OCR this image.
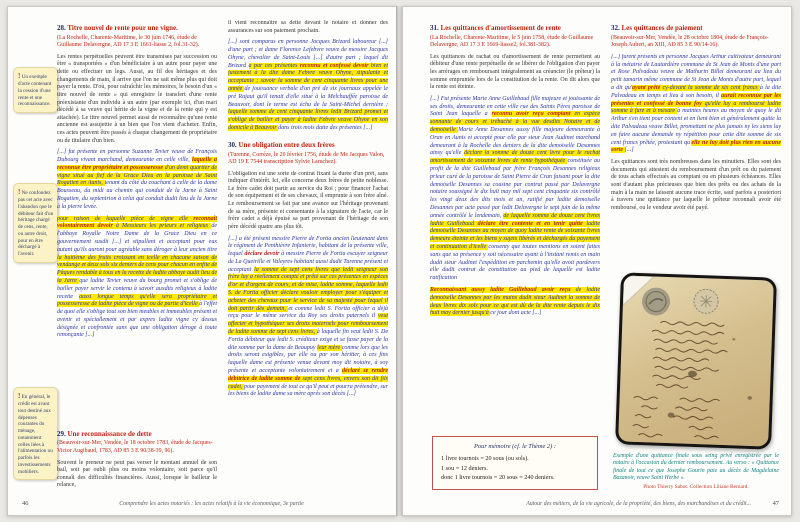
! Un exemple d'acte contenant la cession d'une rente et une reconnaissance.
! Ne confondez pas cet acte avec l'abandon que le débiteur fait d'un héritage chargé de cens, rente, ou autre droit, pour en être déchargé à l'avenir.
! En général, le crédit est avant tout destiné aux dépenses courantes du ménage, notamment celles liées à l'alimentation ou parfois les investissements mobiliers.
28. Titre nouvel de rente pour une vigne.

(La Rochelle, Charente-Maritime, le 30 juin 1746, étude de Guillaume Delavergne, AD 17 3 E 1661-liasse 2, fol.31-32).

Les rentes perpétuelles peuvent être transmises par succession ou être « transportées » d'un bénéficiaire à un autre pour payer une dette ou effectuer un legs. Aussi, au fil des héritages et des changements de main, il arrive que l'on ne sait même plus qui doit payer la rente. D'où, pour rafraîchir les mémoires, le besoin d'un « titre nouvel de rente » qui enregistre le transfert d'une rente préexistante d'un individu à un autre (par exemple ici, d'un mari décédé à sa veuve qui hérite de la vigne et de la rente qui y est attachée). Le titre nouvel permet aussi de reconnaître qu'une rente ancienne est assujettie à un bien que l'on vient d'acheter. Enfin, ces actes peuvent être passés à chaque changement de propriétaire ou de titulaire d'un bien.

[...] fut présente en personne Suzanne Tevier veuve de François Dubourg vivant marchand, demeurante en celle ville, laquelle a reconnue être propriétaire et possesseresse d'un demi quartier de vigne situé au fief de la Grace Dieu en la paroisse de Saint Rogatien en Aunis, tenant du côté du couchant à celle de la dame Bousseau, du midi au chemin qui conduit de la Jarne à Saint Rogatien, du septentrion à celui qui conduit dudit lieu de la Jarne à la pierre levée.

pour raison de laquelle pièce de vigne elle reconnaît volontairement devoir à Messieurs les prieurs et religieux de l'abbaye Royalle Notre Dame de la Grace Dieu en ce gouvernement susdit [...] et stipullant et acceptant pour eux autant qu'ils auront pour agréable sans déroger à leur ancien titre la huitième des fruits croissant en icelle en chacune saison de vendange et deux sols six deniers de cens pour chacun en enfite de Pâques rendable à tous en la recette de ladite abbaye audit lieu de la Jarre que ladite Tevier veuve du bourg promet et s'oblige de bailler payer servir le contenu à savoir auxdits religieux à ladite recette aussi longue temps qu'elle sera propriétaire et possesseresse de ladite pièce de vigne ou de partie d'icelle à l'effet de quoi elle s'oblige tout son bien meubles et immeubles présent et avenir et spéciallement et par expres ladite vigne cy dessus désignée et confrontée sans que une obligation déroge à toute renonçante [...]

29. Une reconnaissance de dette

(Beauvoir-sur-Mer, Vendée, le 18 octobre 1783, étude de Jacques-Victor Augibaud, 1783, AD 85 3 E 90/38-39, 96).

Souvent le preneur ne peut pas verser le montant annuel de son bail, soit par oubli plus ou moins volontaire, soit parce qu'il connaît des difficultés financières. Aussi, lorsque le bailleur le relance,

il vient reconnaître sa dette devant le notaire et donner des assurances sur son paiement prochain.

[...] sont comparus en personne Jacques Brizard laboureur [...] d'une part ; et dame Florence Lefebvre veuve de messire Jacques Ohyne, chevalier de Saint-Louis [...] d'autre part ; lequel dit Brizard a par ces présentes reconnu et confessé devoir bien et justement à la dite dame Febvre veuve Ohyne, stipulante et acceptante ; savoir la somme de cent cinquante livres pour une année de jouissance verbale d'un pré de six journaux appelée le pré Rajaut qu'il tenait d'elle situé à la Melchauffée paroisse de Beauvoir, dont le terme est échu de la Saint-Michel dernière ; laquelle somme de cent cinquante livres ledit Brizard promet et s'oblige de bailler et payer à ladite Febvre veuve Ohyne en son domicile à Beauvoir dans trois mois datte des présentes [...]

30. Une obligation entre deux frères

(Turenne, Corrèze, le 20 février 1756, étude de Me Jacques Valon, AD 19 E 7544 transcription Sylvie Laruchez).

L'obligation est une sorte de contrat fixant la durée d'un prêt, sans indiquer d'intérêt. Ici, elle concerne deux frères de petite noblesse. Le frère cadet doit partir au service du Roi ; pour financer l'achat de son équipement et de ses chevaux, il emprunte à son frère aîné. Le remboursement se fait par une avance sur l'héritage provenant de sa mère, présente et consentante à la signature de l'acte, car le frère cadet a déjà épuisé sa part provenant de l'héritage de son père décédé quatre ans plus tôt.

[...] a été présent messire Pierre de Fortia ancien lieutenant dans le régiment de Penthièvre Infanterie, habitant de la présente ville, lequel déclare devoir à messire Pierre de Fortia escuyer seigneur de La Queirille et Valeyres habitant aussi dudit Turenne présent et acceptant la somme de sept cens livres que ledit seigneur son frère luy a réellement compté et prêté sur ces présentes en espèces d'or et d'argent de cours, et de mise, ladite somme, laquelle ledit S. de Fortia officier déclare vouloir employer pour s'équiper et acheter des chevaux pour le service de sa majesté pour lequel il doit partir dès demain, et comme ledit S. Fortia officier a déjà reçu pour le même service du Roy ses droits paternels il veut affecter et hypothéquer ses droits maternels pour remboursement de ladite somme de sept cens livres, à laquelle fin veut ledit S. De Fortia débiteur que ledit S. créditeur exige et se fasse payer de la dite somme par la dame de Beaupuy leur mère comme lors que les droits seront exigibles, par elle ou par son héritier, à ces fins laquelle dame est présente venue devant moy dit notaire, à soy présente et acceptante volontairement et a déclaré se rendre débitrice de ladite somme de sept cens livres, envers son dit fils cadet, pour payement de tout ce qu'il peut et pourra prétendre, sur les biens de ladite dame sa mère après son décès [...]

Comprendre les actes notariés : les actes relatifs à la vie économique, 3e partie
46
31. Les quittances d'amortissement de rente

(La Rochelle, Charente-Maritime, le 5 juin 1758, étude de Guillaume Delavergne, AD 17 3 E 1669-liasse2, fol.381-382).

Les quittances de rachat ou d'amortissement de rente permettent au débiteur d'une rente perpétuelle de se libérer de l'obligation d'en payer les arrérages en remboursant intégralement au créancier (le prêteur) la somme empruntée lors de la constitution de la rente. On dit alors que la rente est éteinte.

[...] Fut présente Marie Anne Guillebaud fille majeure et jouissante de ses droits, demeurante en cette ville rue des Saints Pères paroisse de Saint Jean laquelle a reconnu avoir reçu comptant en espèce sonnante de cours et trébuché à la vue desdits Notaire et de demoiselle Marie Anne Desannes aussy fille majeure demeurante à Oran en Aunis et accepté pour elle par sieur Jean Audinet marchand demeurant à la Rochelle des deniers de la dite demoiselle Desannes ainsy qu'elle déclare la somme de douze cent livre pour le rachat amortissement de soixante livres de rente hypothéquée constituée au profit de la dite Guillebaud par frère François Desannes religieux prieur curé de la paroisse de Saint Pierre de Cran faisant pour la dite demoiselle Desannes sa cousine par contrat passé par Delavergne notaire soussigné le dix huit may mil sept cent cinquante six contrôlé les vingt deux des dits mois et an, ratifié par ladite demoiselle Desannes par acte passé par ledit Delavergne le sept juin de la même année contrôlé le lendemain, de laquelle somme de douze cent livres ladite Guillebaud déclare être contente et en tenir quitte ladite demoiselle Desannes au moyen de quoy ladite rente de soixante livres demeure éteinte et les biens y sujets libérés et déchargés du payement et continuation d'icelle consenty que toutes mentions en soient faites sans que sa présence y soit nécessaire ayant à l'instant remis en main dudit sieur Audinet l'expédition en parchemin qu'elle avoit pardevers elle dudit contrat de constitution au pied de laquelle est ladite ratification

Reconnaissant aussy ladite Guillebaud avoir reçu de ladite demoiselle Desannes par les mains dudit sieur Audinet la somme de deux livres dix sols pour ce qui est dû de la dite rente depuis le dix huit may dernier jusqu'à ce jour dont acte [...]

Pour mémoire (cf. le Thème 2) :

1 livre tournois = 20 sous (ou sols).

1 sou = 12 deniers.

donc 1 livre tournois = 20 sous = 240 deniers.

32. Les quittances de paiement

(Beauvoir-sur-Mer, Vendée, le 28 octobre 1804, étude de François-Joseph Aubert, an XIII, AD 85 3 E 90/14-16).

[...] furent présents en personne Jacques Arthur cultivateur demeurant à la métairie de Lautardière commune de St Jean de Monts d'une part et Rose Palvadeau veuve de Mathurin Billet demeurant au lieu du petit tamarin même commune de St Jean de Monts d'autre part, lequel a dit qu'ayant prêté cy-devant la somme de six cent francs à la dite Palvadeau en temps et lieu à son besoin, il aurait reconnue par les présentes et confessé de bonne foy qu'elle luy a remboursé ladite somme à fure et à mesure à maintes heures au moyen de quoy le dit Arthur s'en tient pour content et en lient bien et généralement quitte la dite Palvadeau veuve Billet, promettant ne plus jamais ny les siens luy en faire aucune demande ny répétition pour cette dite somme de six cent francs prêtée, protestant qu'elle ne luy doit plus rien en aucune sorte [...]

Les quittances sont très nombreuses dans les minutiers. Elles sont des documents qui attestent du remboursement d'un prêt ou du paiement de tous achats effectués au comptant ou en plusieurs échéances. Elles sont d'autant plus précieuses que bien des prêts ou des achats de la main à la main ne laissent aucune trace écrite, sauf parfois a posteriori à travers une quittance par laquelle le prêteur reconnaît avoir été remboursé, ou le vendeur avoir été payé.

Exemple d'une quittance finale sous seing privé enregistrée par le notaire à l'occasion du dernier remboursement. Au verso : « Quittance finale de tout ce que Josephe Gourin paie au décès de Magdelaine Bazanoir, veuve Saint Herbe ».

Photo Thierry Sabot. Collection Liliane Bernard.

Autour des métiers, de la vie agricole, de la propriété, des biens, des marchandises et du crédit...	47
